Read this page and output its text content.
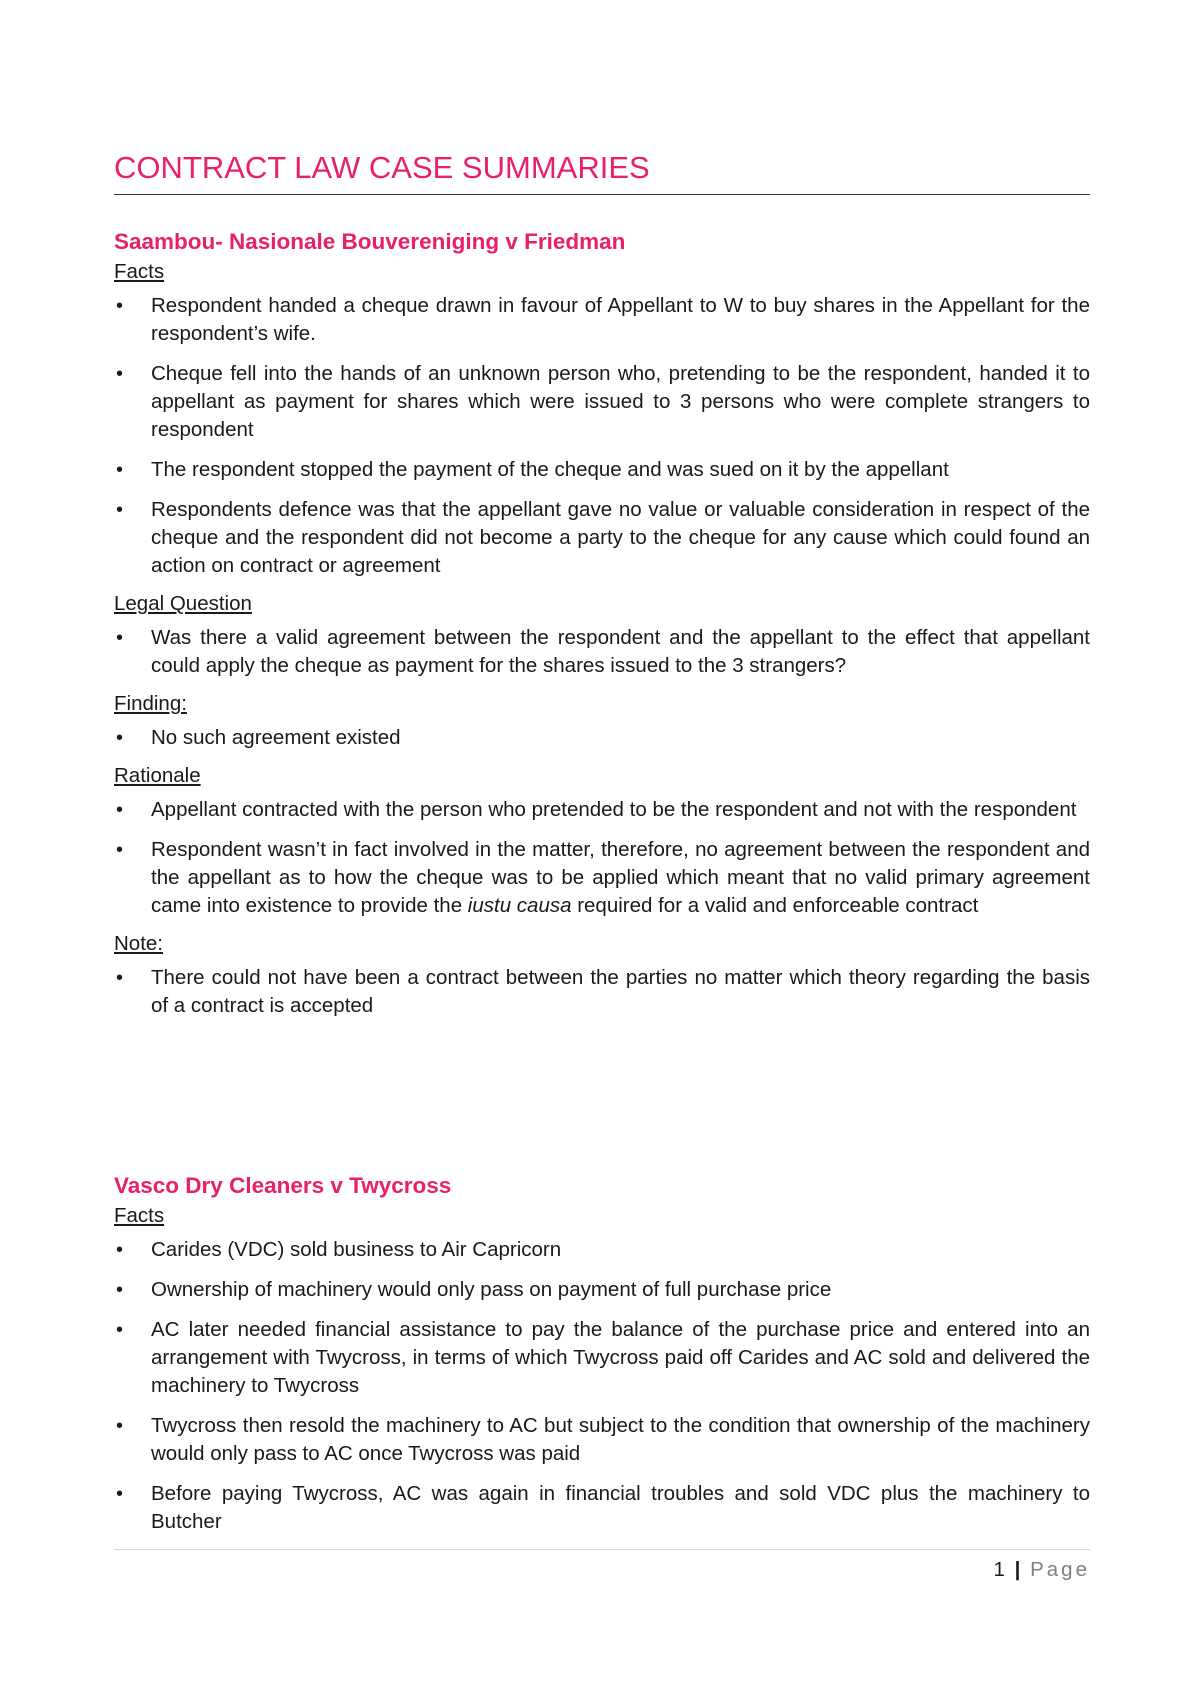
CONTRACT LAW CASE SUMMARIES
Saambou- Nasionale Bouvereniging v Friedman
Facts
• Respondent handed a cheque drawn in favour of Appellant to W to buy shares in the Appellant for the respondent’s wife.
• Cheque fell into the hands of an unknown person who, pretending to be the respondent, handed it to appellant as payment for shares which were issued to 3 persons who were complete strangers to respondent
• The respondent stopped the payment of the cheque and was sued on it by the appellant
• Respondents defence was that the appellant gave no value or valuable consideration in respect of the cheque and the respondent did not become a party to the cheque for any cause which could found an action on contract or agreement
Legal Question
• Was there a valid agreement between the respondent and the appellant to the effect that appellant could apply the cheque as payment for the shares issued to the 3 strangers?
Finding:
• No such agreement existed
Rationale
• Appellant contracted with the person who pretended to be the respondent and not with the respondent
• Respondent wasn’t in fact involved in the matter, therefore, no agreement between the respondent and the appellant as to how the cheque was to be applied which meant that no valid primary agreement came into existence to provide the iustu causa required for a valid and enforceable contract
Note:
• There could not have been a contract between the parties no matter which theory regarding the basis of a contract is accepted
Vasco Dry Cleaners v Twycross
Facts
• Carides (VDC) sold business to Air Capricorn
• Ownership of machinery would only pass on payment of full purchase price
• AC later needed financial assistance to pay the balance of the purchase price and entered into an arrangement with Twycross, in terms of which Twycross paid off Carides and AC sold and delivered the machinery to Twycross
• Twycross then resold the machinery to AC but subject to the condition that ownership of the machinery would only pass to AC once Twycross was paid
• Before paying Twycross, AC was again in financial troubles and sold VDC plus the machinery to Butcher
1 | Page
